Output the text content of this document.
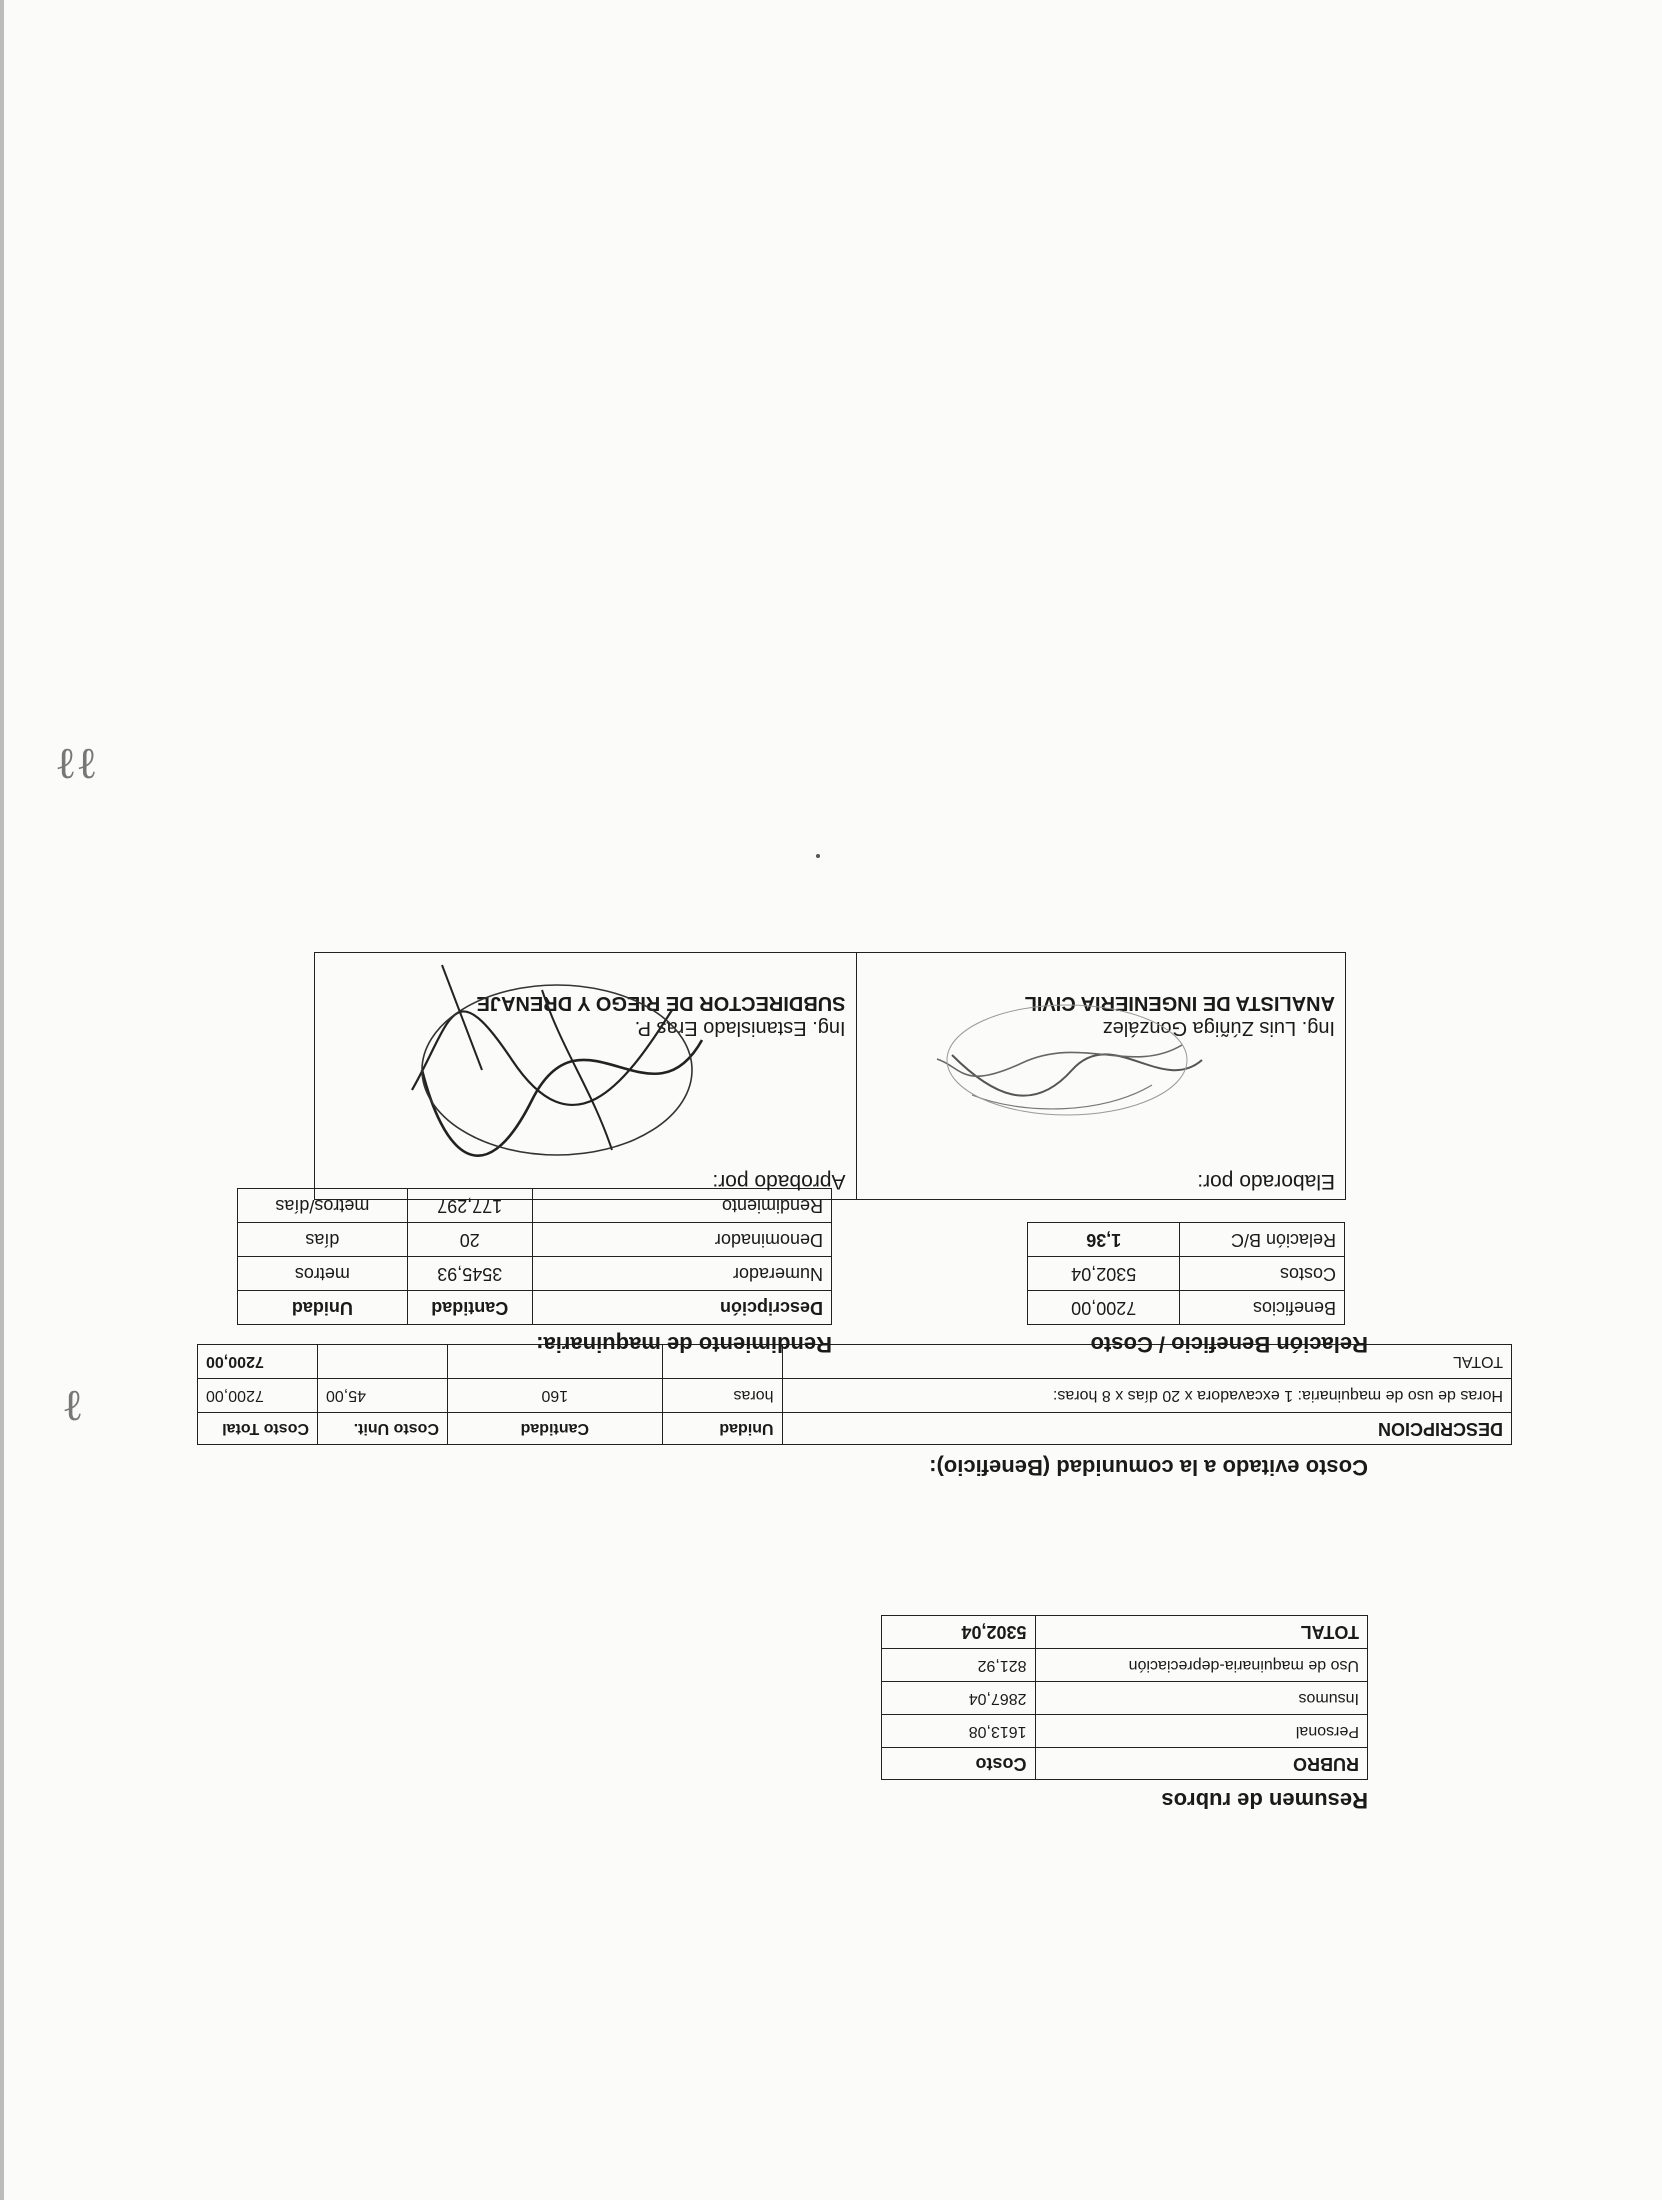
Resumen de rubros
RUBRO	Costo
Personal	1613,08
Insumos	2867,04
Uso de maquinaria-depreciación	821,92
TOTAL	5302,04
Costo evitado a la comunidad (Beneficio):
DESCRIPCION	Unidad	Cantidad	Costo Unit.	Costo Total
Horas de uso de maquinaria: 1 excavadora x 20 días x 8 horas:	horas	160	45,00	7200,00
TOTAL				7200,00
Relación Beneficio / Costo
Beneficios	7200,00
Costos	5302,04
Relación B/C	1,36
Rendimiento de maquinaria:
Descripción	Cantidad	Unidad
Numerador	3545,93	metros
Denominador	20	días
Rendimiento	177,297	metros/días
Elaborado por:
Ing. Luis Zúñiga González
ANALISTA DE INGENIERIA CIVIL

Aprobado por:
Ing. Estanislado Eras P.
SUBDIRECTOR DE RIEGO Y DRENAJE
ℓℓ
ℓ
